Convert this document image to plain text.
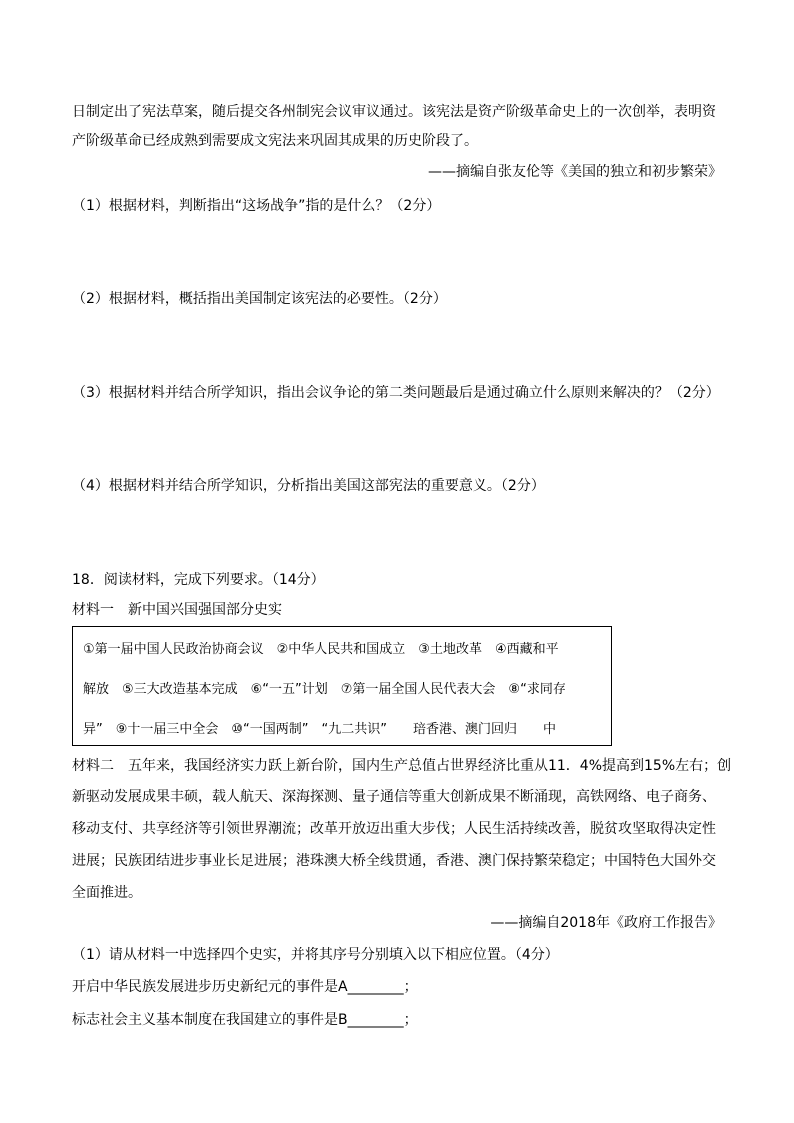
日制定出了宪法草案，随后提交各州制宪会议审议通过。该宪法是资产阶级革命史上的一次创举，表明资
产阶级革命已经成熟到需要成文宪法来巩固其成果的历史阶段了。
——摘编自张友伦等《美国的独立和初步繁荣》
（1）根据材料，判断指出“这场战争”指的是什么？（2分）
（2）根据材料，概括指出美国制定该宪法的必要性。（2分）
（3）根据材料并结合所学知识，指出会议争论的第二类问题最后是通过确立什么原则来解决的？（2分）
（4）根据材料并结合所学知识，分析指出美国这部宪法的重要意义。（2分）
18．阅读材料，完成下列要求。（14分）
材料一　新中国兴国强国部分史实
①第一届中国人民政治协商会议　②中华人民共和国成立　③土地改革　④西藏和平
解放　⑤三大改造基本完成　⑥“一五”计划　⑦第一届全国人民代表大会　⑧“求同存
异”　⑨十一届三中全会　⑩“一国两制”　“九二共识”　　琣香港、澳门回归　　中
材料二　五年来，我国经济实力跃上新台阶，国内生产总值占世界经济比重从11．4%提高到15%左右；创
新驱动发展成果丰硕，载人航天、深海探测、量子通信等重大创新成果不断涌现，高铁网络、电子商务、
移动支付、共享经济等引领世界潮流；改革开放迈出重大步伐；人民生活持续改善，脱贫攻坚取得决定性
进展；民族团结进步事业长足进展；港珠澳大桥全线贯通，香港、澳门保持繁荣稳定；中国特色大国外交
全面推进。
——摘编自2018年《政府工作报告》
（1）请从材料一中选择四个史实，并将其序号分别填入以下相应位置。（4分）
开启中华民族发展进步历史新纪元的事件是A________；
标志社会主义基本制度在我国建立的事件是B________；
